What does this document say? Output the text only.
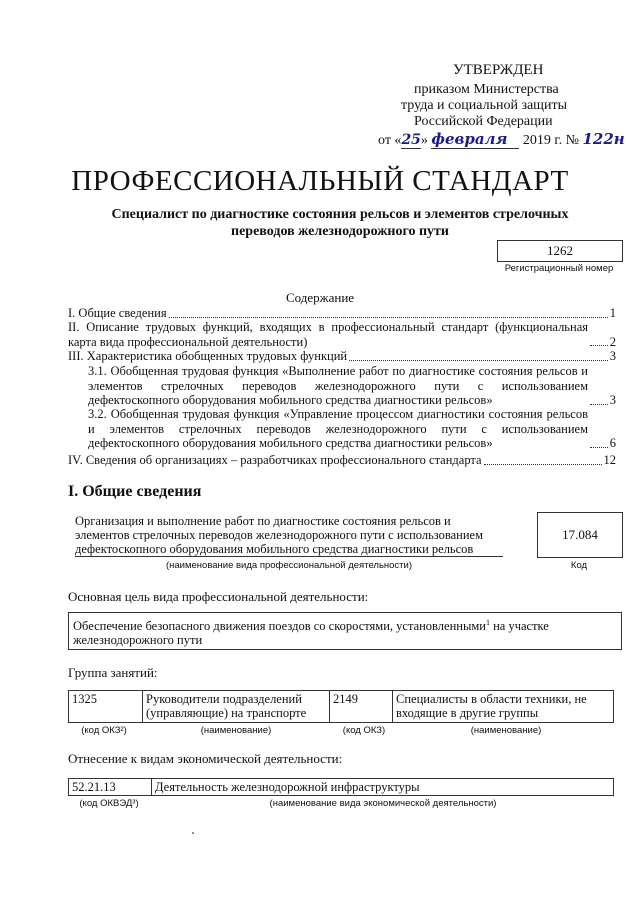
УТВЕРЖДЕН
приказом Министерства
труда и социальной защиты
Российской Федерации
от «25» февраля 2019 г. № 122н
ПРОФЕССИОНАЛЬНЫЙ СТАНДАРТ
Специалист по диагностике состояния рельсов и элементов стрелочных переводов железнодорожного пути
1262
Регистрационный номер
Содержание
I. Общие сведения	1
II. Описание трудовых функций, входящих в профессиональный стандарт (функциональная карта вида профессиональной деятельности)	2
III. Характеристика обобщенных трудовых функций	3
3.1. Обобщенная трудовая функция «Выполнение работ по диагностике состояния рельсов и элементов стрелочных переводов железнодорожного пути с использованием дефектоскопного оборудования мобильного средства диагностики рельсов»	3
3.2. Обобщенная трудовая функция «Управление процессом диагностики состояния рельсов и элементов стрелочных переводов железнодорожного пути с использованием дефектоскопного оборудования мобильного средства диагностики рельсов»	6
IV. Сведения об организациях – разработчиках профессионального стандарта	12
I. Общие сведения
Организация и выполнение работ по диагностике состояния рельсов и элементов стрелочных переводов железнодорожного пути с использованием дефектоскопного оборудования мобильного средства диагностики рельсов
(наименование вида профессиональной деятельности)
17.084
Код
Основная цель вида профессиональной деятельности:
Обеспечение безопасного движения поездов со скоростями, установленными$^1$ на участке железнодорожного пути
Группа занятий:
1325	Руководители подразделений (управляющие) на транспорте	2149	Специалисты в области техники, не входящие в другие группы
(код ОКЗ²)	(наименование)	(код ОКЗ)	(наименование)
Отнесение к видам экономической деятельности:
52.21.13	Деятельность железнодорожной инфраструктуры
(код ОКВЭД³)	(наименование вида экономической деятельности)
